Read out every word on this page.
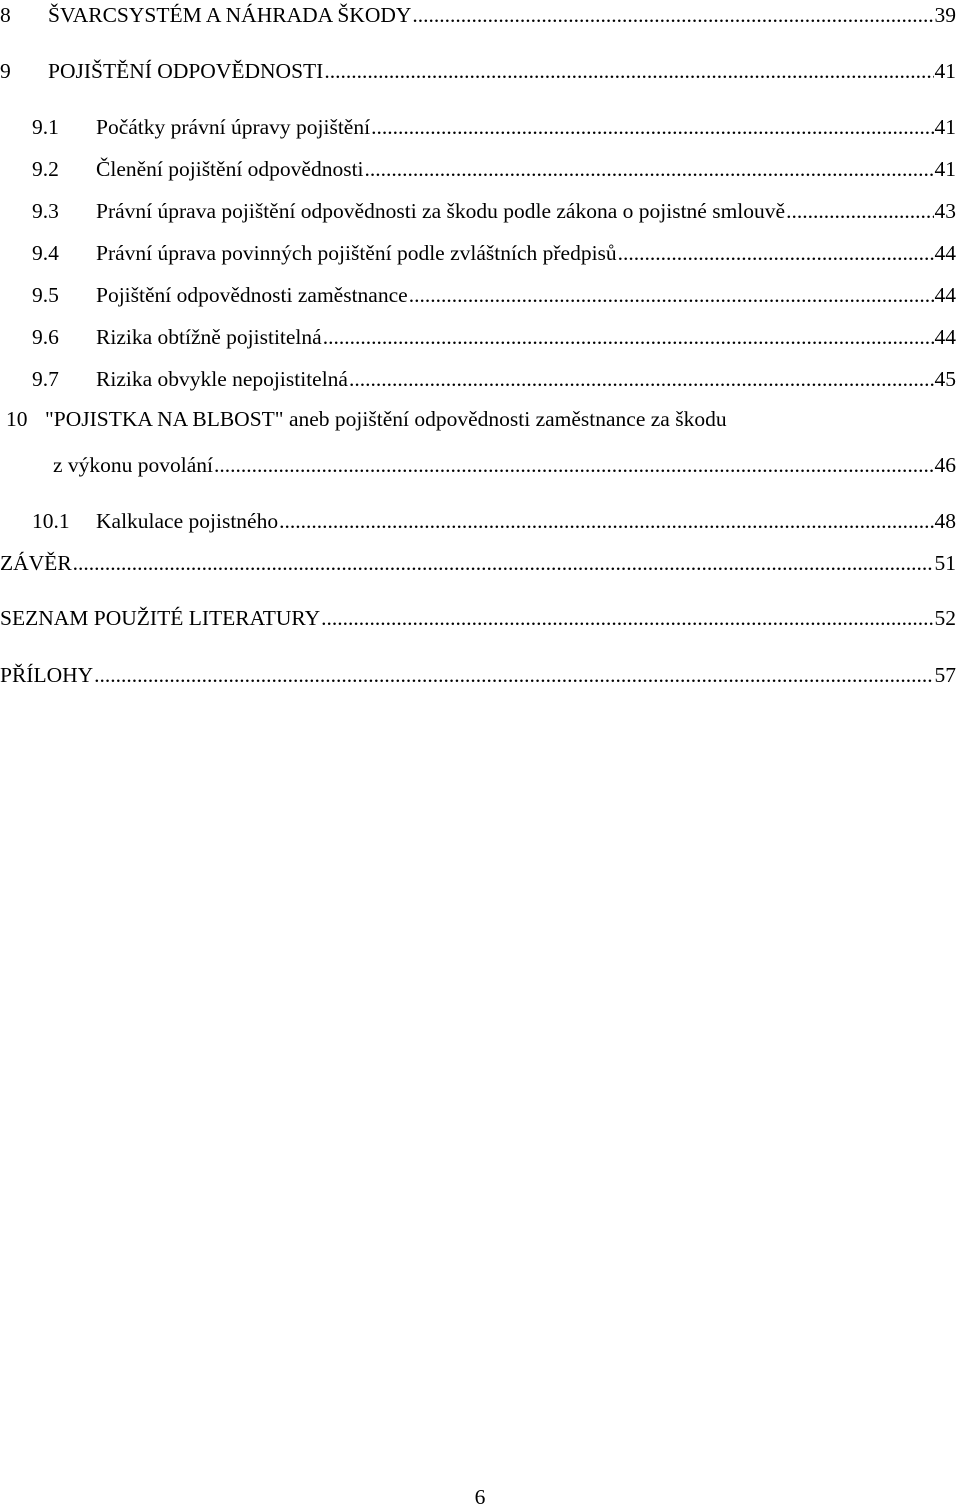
8	ŠVARCSYSTÉM A NÁHRADA ŠKODY .....	39
9	POJIŠTĚNÍ ODPOVĚDNOSTI .....	41
9.1	Počátky právní úpravy pojištění .....	41
9.2	Členění pojištění odpovědnosti .....	41
9.3	Právní úprava pojištění odpovědnosti za škodu podle zákona o pojistné smlouvě .....	43
9.4	Právní úprava povinných pojištění podle zvláštních předpisů .....	44
9.5	Pojištění odpovědnosti zaměstnance .....	44
9.6	Rizika obtížně pojistitelná .....	44
9.7	Rizika obvykle nepojistitelná .....	45
10 "POJISTKA NA BLBOST" aneb pojištění odpovědnosti zaměstnance za škodu
z výkonu povolání .....	46
10.1	Kalkulace pojistného .....	48
ZÁVĚR .....	51
SEZNAM POUŽITÉ LITERATURY .....	52
PŘÍLOHY .....	57
6
